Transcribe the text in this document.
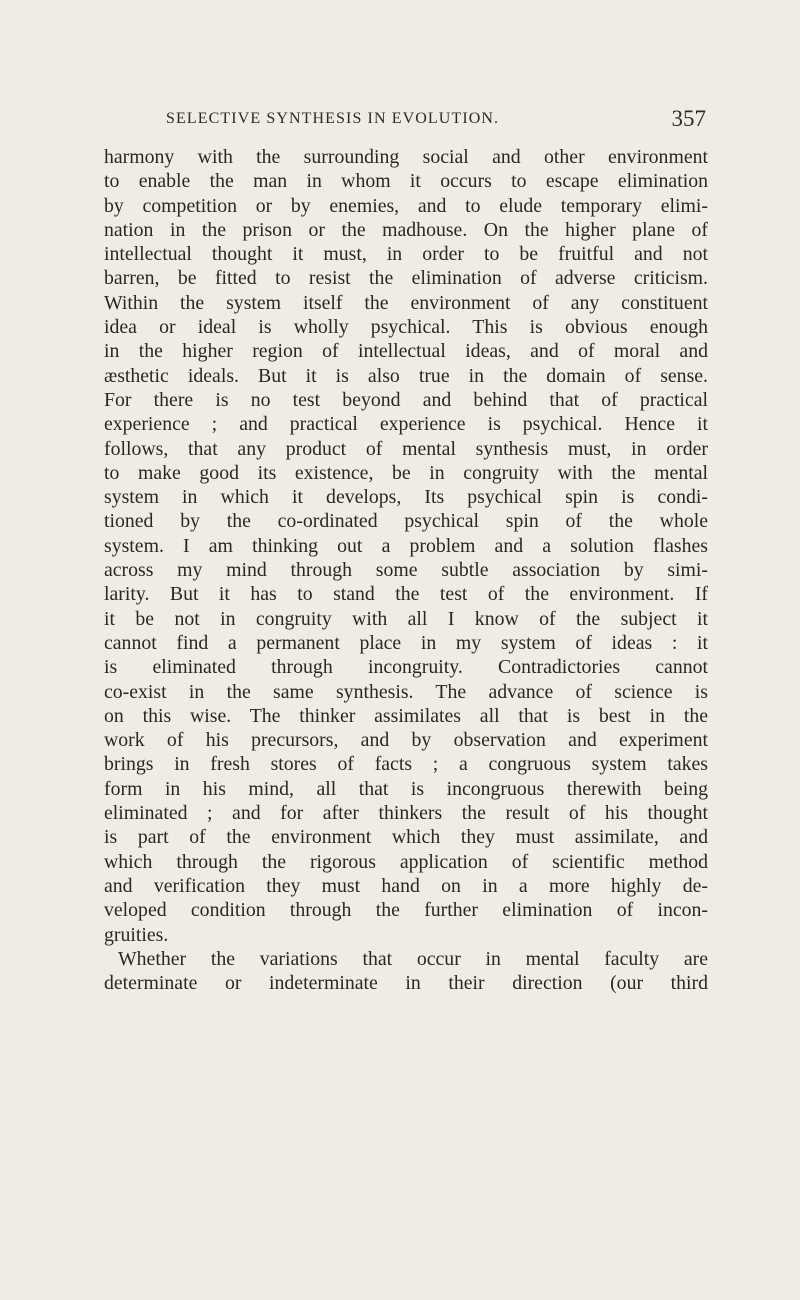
SELECTIVE SYNTHESIS IN EVOLUTION.	357
harmony with the surrounding social and other environment
to enable the man in whom it occurs to escape elimination
by competition or by enemies, and to elude temporary elimi-
nation in the prison or the madhouse. On the higher plane of
intellectual thought it must, in order to be fruitful and not
barren, be fitted to resist the elimination of adverse criticism.
Within the system itself the environment of any constituent
idea or ideal is wholly psychical. This is obvious enough
in the higher region of intellectual ideas, and of moral and
æsthetic ideals. But it is also true in the domain of sense.
For there is no test beyond and behind that of practical
experience ; and practical experience is psychical. Hence it
follows, that any product of mental synthesis must, in order
to make good its existence, be in congruity with the mental
system in which it develops, Its psychical spin is condi-
tioned by the co-ordinated psychical spin of the whole
system. I am thinking out a problem and a solution flashes
across my mind through some subtle association by simi-
larity. But it has to stand the test of the environment. If
it be not in congruity with all I know of the subject it
cannot find a permanent place in my system of ideas : it
is eliminated through incongruity. Contradictories cannot
co-exist in the same synthesis. The advance of science is
on this wise. The thinker assimilates all that is best in the
work of his precursors, and by observation and experiment
brings in fresh stores of facts ; a congruous system takes
form in his mind, all that is incongruous therewith being
eliminated ; and for after thinkers the result of his thought
is part of the environment which they must assimilate, and
which through the rigorous application of scientific method
and verification they must hand on in a more highly de-
veloped condition through the further elimination of incon-
gruities.
Whether the variations that occur in mental faculty are
determinate or indeterminate in their direction (our third
